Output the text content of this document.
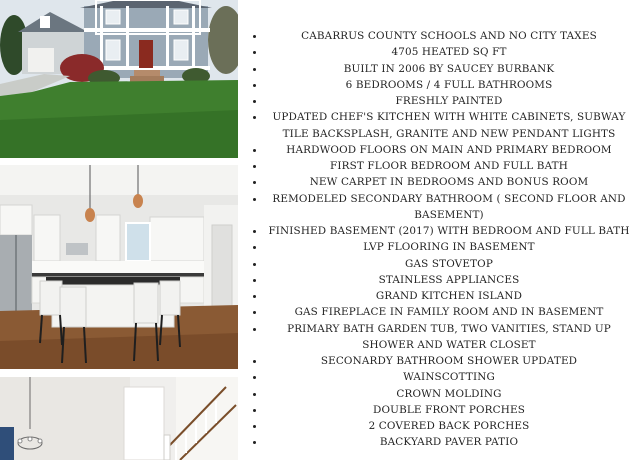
CABARRUS COUNTY SCHOOLS AND NO CITY TAXES
4705 HEATED SQ FT
BUILT IN 2006 BY SAUCEY BURBANK
6 BEDROOMS / 4 FULL BATHROOMS
FRESHLY PAINTED
UPDATED CHEF'S KITCHEN WITH WHITE CABINETS, SUBWAY TILE BACKSPLASH, GRANITE AND NEW PENDANT LIGHTS
HARDWOOD FLOORS ON MAIN AND PRIMARY BEDROOM
FIRST FLOOR BEDROOM AND FULL BATH
NEW CARPET IN BEDROOMS AND BONUS ROOM
REMODELED SECONDARY BATHROOM ( SECOND FLOOR AND BASEMENT)
FINISHED BASEMENT (2017) WITH BEDROOM AND FULL BATH
LVP FLOORING IN BASEMENT
GAS STOVETOP
STAINLESS APPLIANCES
GRAND KITCHEN ISLAND
GAS FIREPLACE IN FAMILY ROOM AND IN BASEMENT
PRIMARY BATH GARDEN TUB, TWO VANITIES, STAND UP SHOWER AND WATER CLOSET
SECONARDY BATHROOM SHOWER UPDATED
WAINSCOTTING
CROWN MOLDING
DOUBLE FRONT PORCHES
2 COVERED BACK PORCHES
BACKYARD PAVER PATIO
